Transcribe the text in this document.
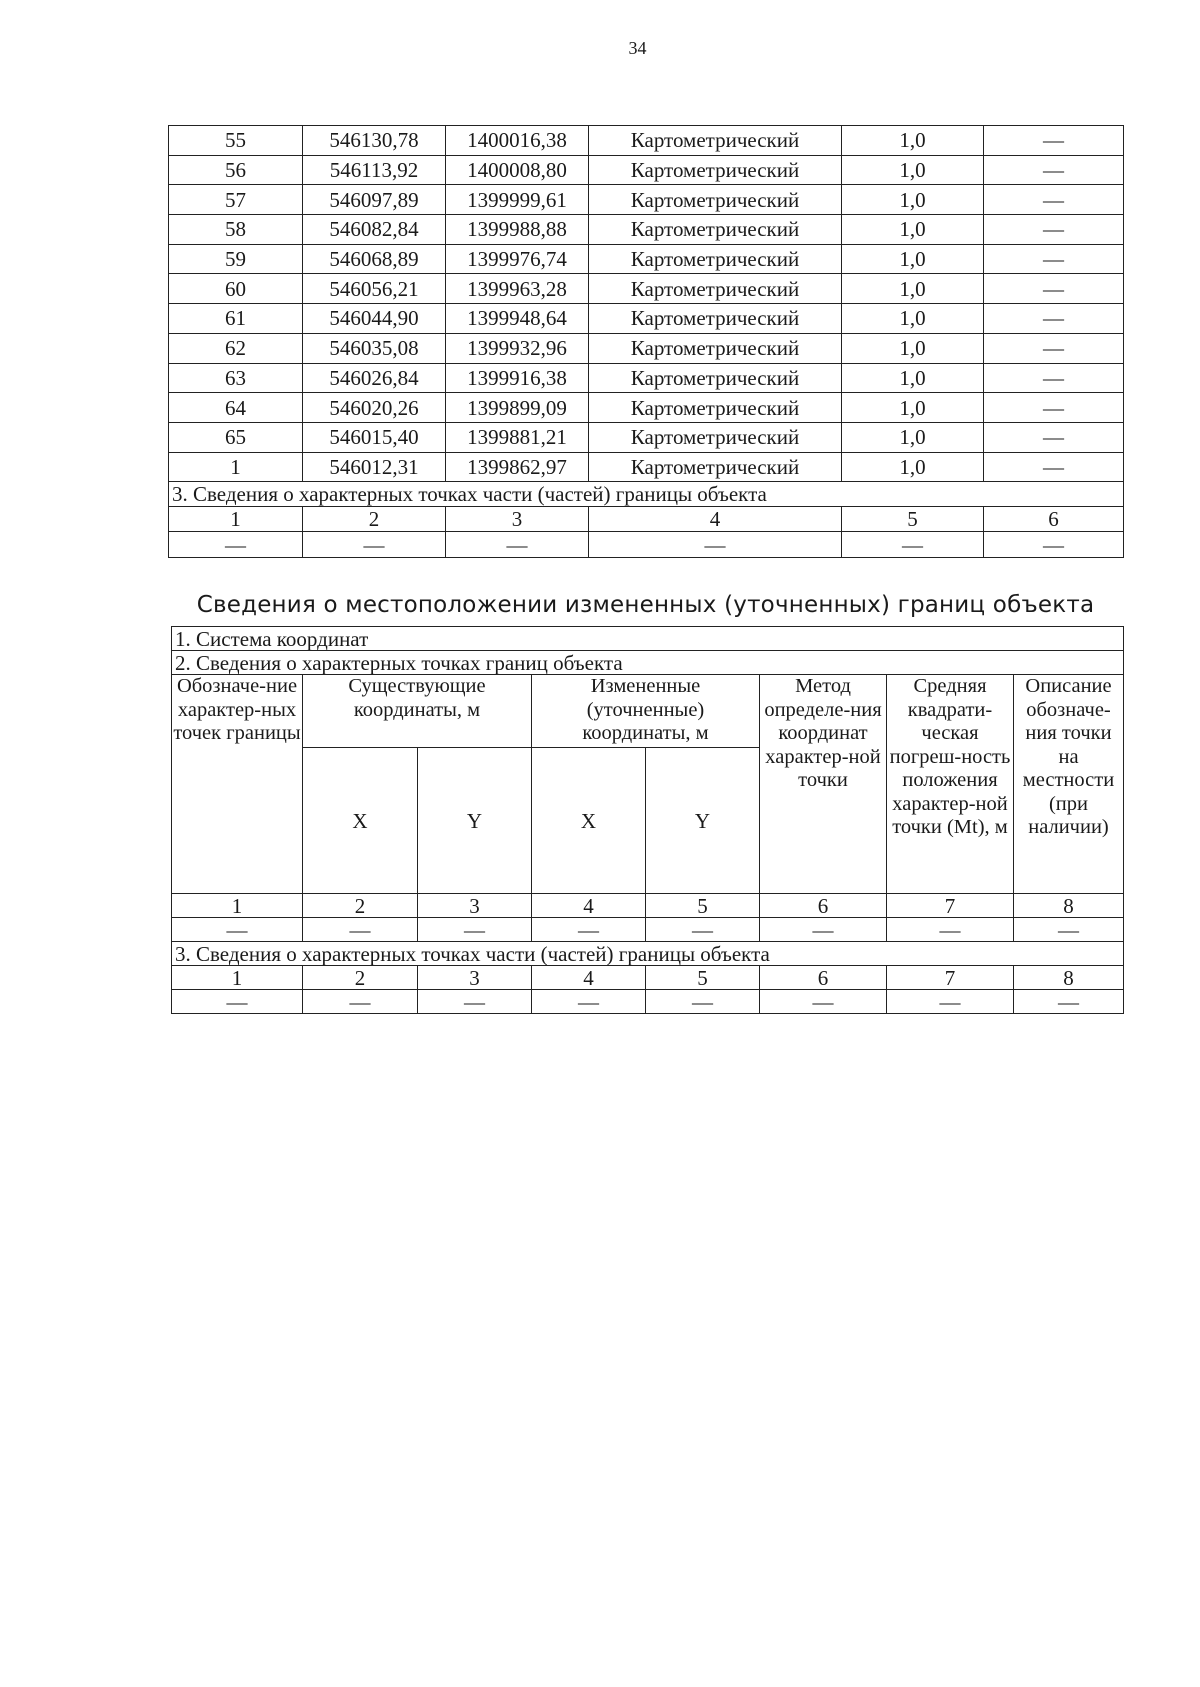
34
55	546130,78	1400016,38	Картометрический	1,0	—
56	546113,92	1400008,80	Картометрический	1,0	—
57	546097,89	1399999,61	Картометрический	1,0	—
58	546082,84	1399988,88	Картометрический	1,0	—
59	546068,89	1399976,74	Картометрический	1,0	—
60	546056,21	1399963,28	Картометрический	1,0	—
61	546044,90	1399948,64	Картометрический	1,0	—
62	546035,08	1399932,96	Картометрический	1,0	—
63	546026,84	1399916,38	Картометрический	1,0	—
64	546020,26	1399899,09	Картометрический	1,0	—
65	546015,40	1399881,21	Картометрический	1,0	—
1	546012,31	1399862,97	Картометрический	1,0	—
3. Сведения о характерных точках части (частей) границы объекта					
1	2	3	4	5	6
—	—	—	—	—	—
Сведения о местоположении измененных (уточненных) границ объекта
1. Система координат							
2. Сведения о характерных точках границ объекта							
Обозначе-ние характер-ных точек границы	Существующие координаты, м		Измененные (уточненные) координаты, м		Метод определе-ния координат характер-ной точки	Средняя квадрати-ческая погреш-ность положения характер-ной точки (Mt), м	Описание обозначе-ния точки на местности (при наличии)
	X	Y	X	Y			
1	2	3	4	5	6	7	8
—	—	—	—	—	—	—	—
3. Сведения о характерных точках части (частей) границы объекта							
1	2	3	4	5	6	7	8
—	—	—	—	—	—	—	—
